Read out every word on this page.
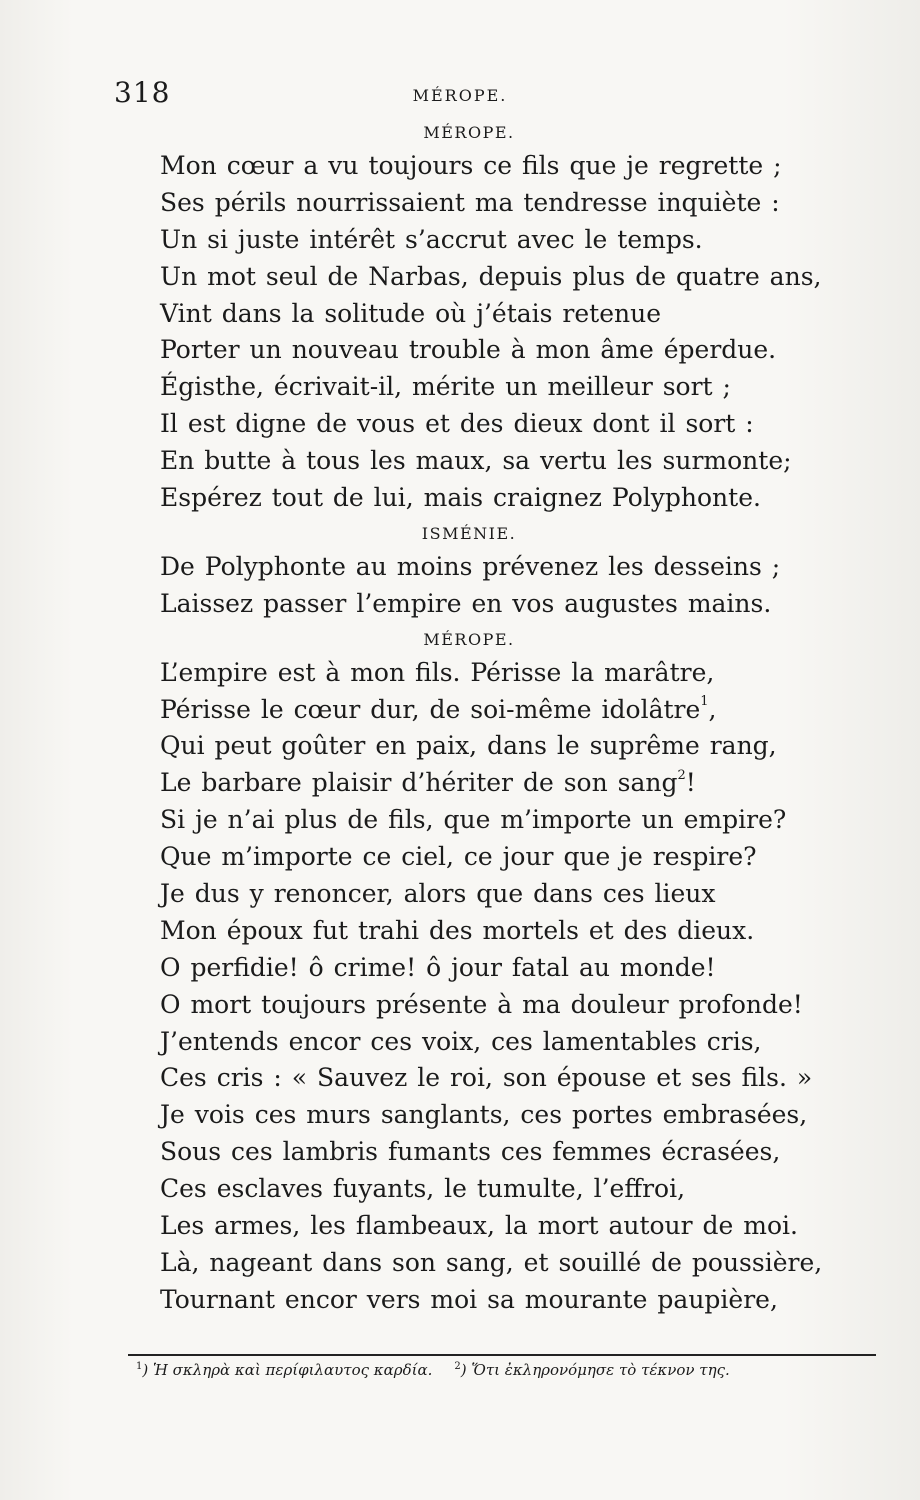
318	MÉROPE.
MÉROPE.
Mon cœur a vu toujours ce fils que je regrette ;
Ses périls nourrissaient ma tendresse inquiète :
Un si juste intérêt s’accrut avec le temps.
Un mot seul de Narbas, depuis plus de quatre ans,
Vint dans la solitude où j’étais retenue
Porter un nouveau trouble à mon âme éperdue.
Égisthe, écrivait-il, mérite un meilleur sort ;
Il est digne de vous et des dieux dont il sort :
En butte à tous les maux, sa vertu les surmonte;
Espérez tout de lui, mais craignez Polyphonte.
ISMÉNIE.
De Polyphonte au moins prévenez les desseins ;
Laissez passer l’empire en vos augustes mains.
MÉROPE.
L’empire est à mon fils. Périsse la marâtre,
Périsse le cœur dur, de soi-même idolâtre$^1$,
Qui peut goûter en paix, dans le suprême rang,
Le barbare plaisir d’hériter de son sang$^2$!
Si je n’ai plus de fils, que m’importe un empire?
Que m’importe ce ciel, ce jour que je respire?
Je dus y renoncer, alors que dans ces lieux
Mon époux fut trahi des mortels et des dieux.
O perfidie! ô crime! ô jour fatal au monde!
O mort toujours présente à ma douleur profonde!
J’entends encor ces voix, ces lamentables cris,
Ces cris : « Sauvez le roi, son épouse et ses fils. »
Je vois ces murs sanglants, ces portes embrasées,
Sous ces lambris fumants ces femmes écrasées,
Ces esclaves fuyants, le tumulte, l’effroi,
Les armes, les flambeaux, la mort autour de moi.
Là, nageant dans son sang, et souillé de poussière,
Tournant encor vers moi sa mourante paupière,
$^1$) Ἡ σκληρὰ καὶ περίφιλαυτος καρδία. $^2$) Ὅτι ἐκληρονόμησε τὸ τέκνον της.
